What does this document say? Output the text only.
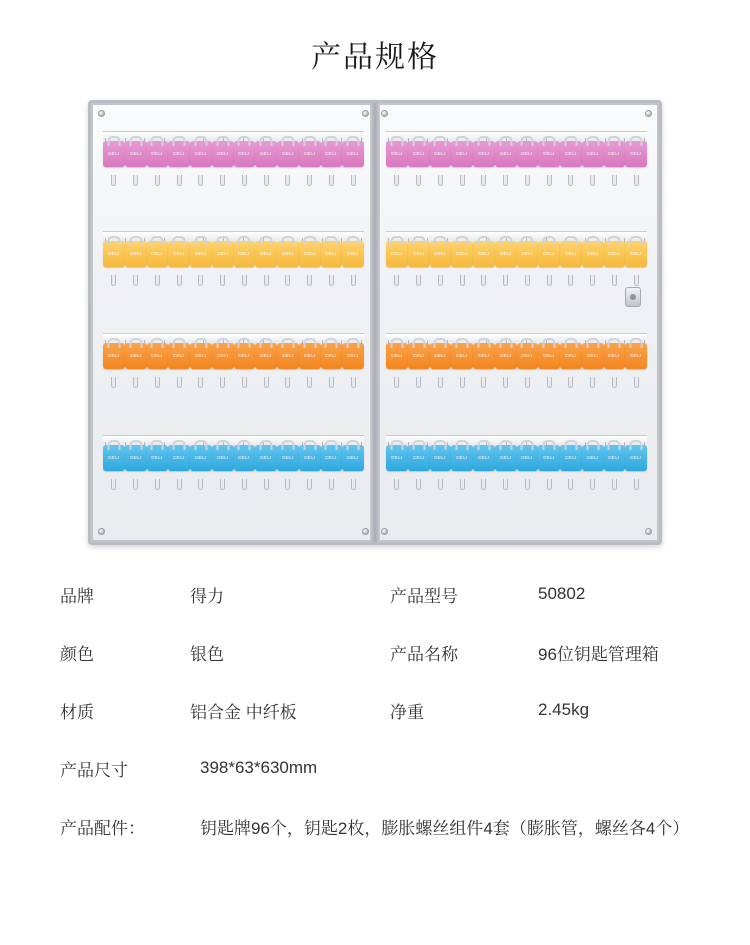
产品规格
DELI DELI DELI DELI DELI DELI DELI DELI DELI DELI DELI DELI
DELI DELI DELI DELI DELI DELI DELI DELI DELI DELI DELI DELI
DELI DELI DELI DELI DELI DELI DELI DELI DELI DELI DELI DELI
DELI DELI DELI DELI DELI DELI DELI DELI DELI DELI DELI DELI
DELI DELI DELI DELI DELI DELI DELI DELI DELI DELI DELI DELI
DELI DELI DELI DELI DELI DELI DELI DELI DELI DELI DELI DELI
DELI DELI DELI DELI DELI DELI DELI DELI DELI DELI DELI DELI
DELI DELI DELI DELI DELI DELI DELI DELI DELI DELI DELI DELI
品牌	得力	产品型号	50802
颜色	银色	产品名称	96位钥匙管理箱
材质	铝合金 中纤板	净重	2.45kg
产品尺寸	398*63*630mm
产品配件：	钥匙牌96个，钥匙2枚，膨胀螺丝组件4套（膨胀管，螺丝各4个）
